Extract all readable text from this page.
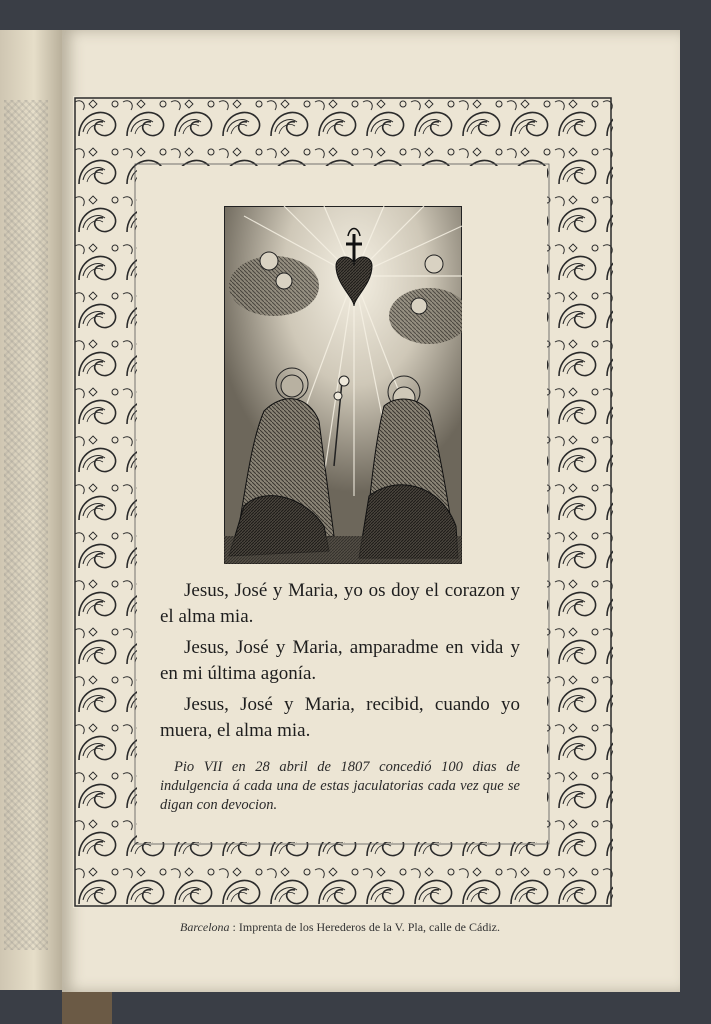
Jesus, José y Maria, yo os doy el corazon y el alma mia.

Jesus, José y Maria, amparadme en vida y en mi última agonía.

Jesus, José y Maria, recibid, cuando yo muera, el alma mia.

Pio VII en 28 abril de 1807 concedió 100 dias de indulgencia á cada una de estas jaculatorias cada vez que se digan con devocion.
Barcelona : Imprenta de los Herederos de la V. Pla, calle de Cádiz.
